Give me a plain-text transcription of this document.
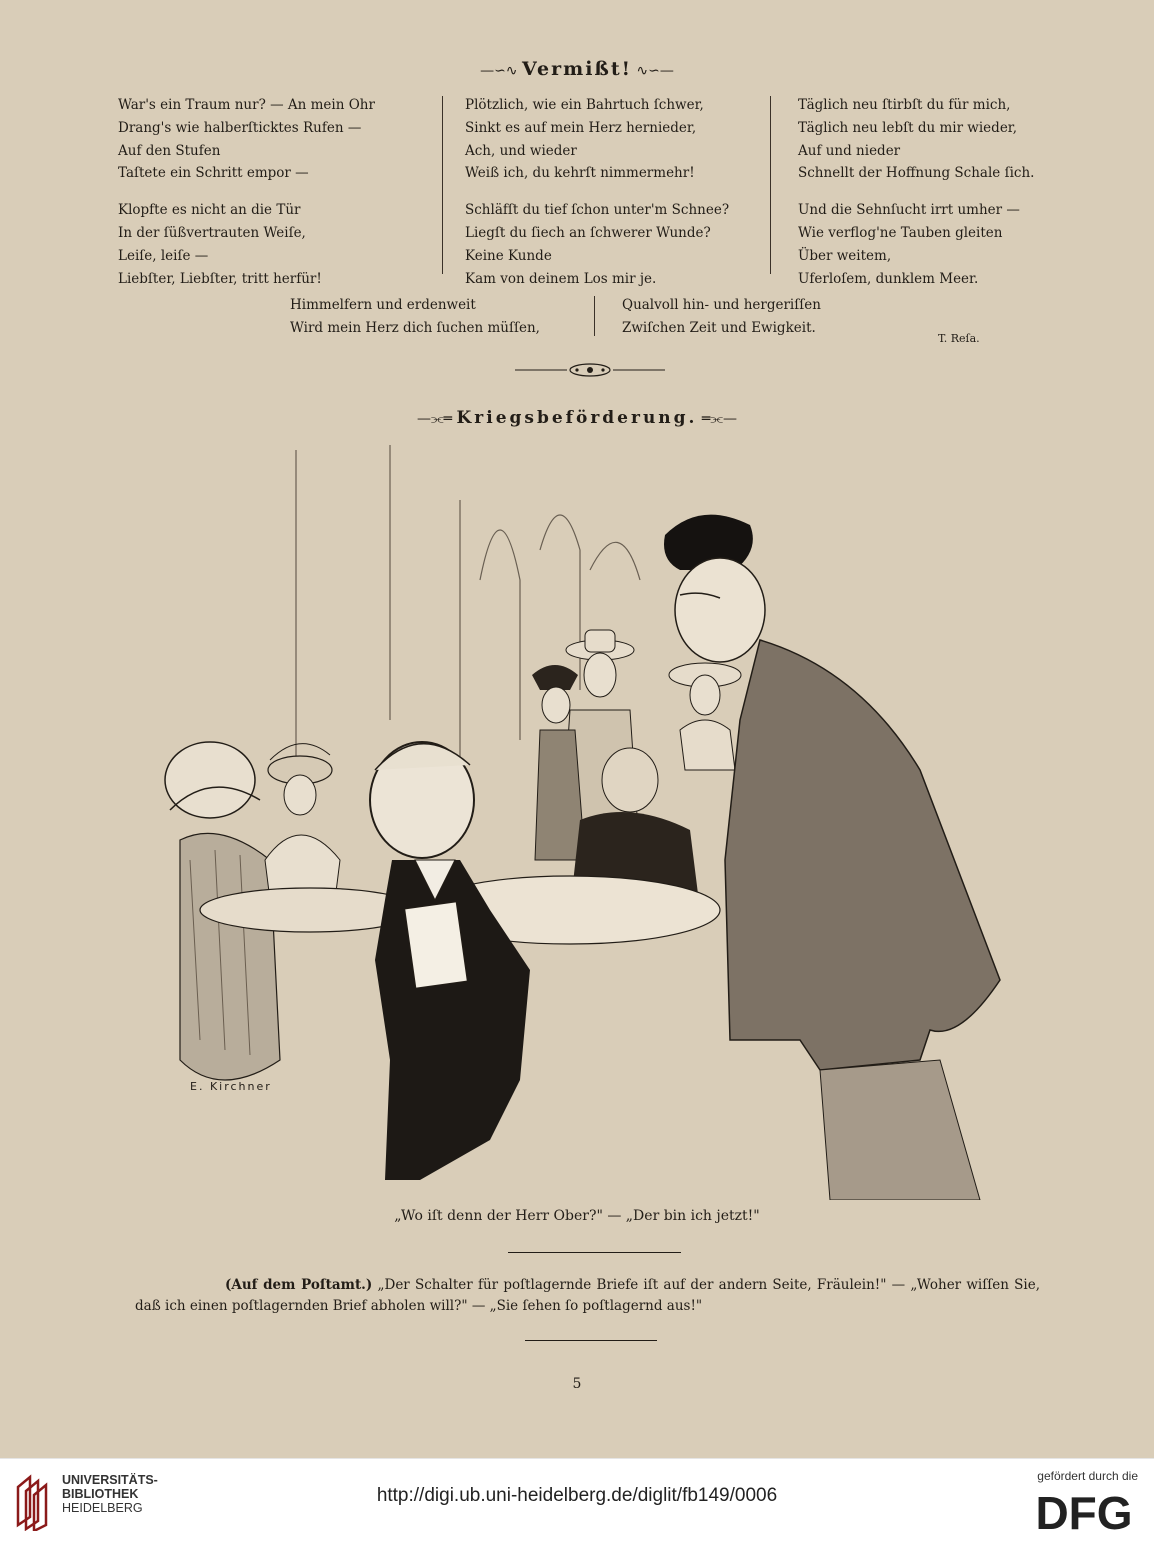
—∽∿ Vermißt! ∿∽—
War's ein Traum nur? — An mein Ohr
Drang's wie halberſticktes Rufen —
Auf den Stufen
Taſtete ein Schritt empor —
Klopfte es nicht an die Tür
In der ſüßvertrauten Weiſe,
Leiſe, leiſe —
Liebſter, Liebſter, tritt herfür!
Plötzlich, wie ein Bahrtuch ſchwer,
Sinkt es auf mein Herz hernieder,
Ach, und wieder
Weiß ich, du kehrſt nimmermehr!
Schläfſt du tief ſchon unter'm Schnee?
Liegſt du ſiech an ſchwerer Wunde?
Keine Kunde
Kam von deinem Los mir je.
Täglich neu ſtirbſt du für mich,
Täglich neu lebſt du mir wieder,
Auf und nieder
Schnellt der Hoffnung Schale ſich.
Und die Sehnſucht irrt umher —
Wie verflog'ne Tauben gleiten
Über weitem,
Uferloſem, dunklem Meer.
Himmelfern und erdenweit
Wird mein Herz dich ſuchen müſſen,
Qualvoll hin- und hergeriſſen
Zwiſchen Zeit und Ewigkeit.
T. Reſa.
—⫘═ Kriegsbeförderung. ═⫘—
E. Kirchner
„Wo iſt denn der Herr Ober?" — „Der bin ich jetzt!"
(Auf dem Poſtamt.) „Der Schalter für poſtlagernde Briefe iſt auf der andern Seite, Fräulein!" — „Woher wiſſen Sie, daß ich einen poſtlagernden Brief abholen will?" — „Sie ſehen ſo poſtlagernd aus!"
5
UNIVERSITÄTS-
BIBLIOTHEK
HEIDELBERG
http://digi.ub.uni-heidelberg.de/diglit/fb149/0006
gefördert durch die
DFG
